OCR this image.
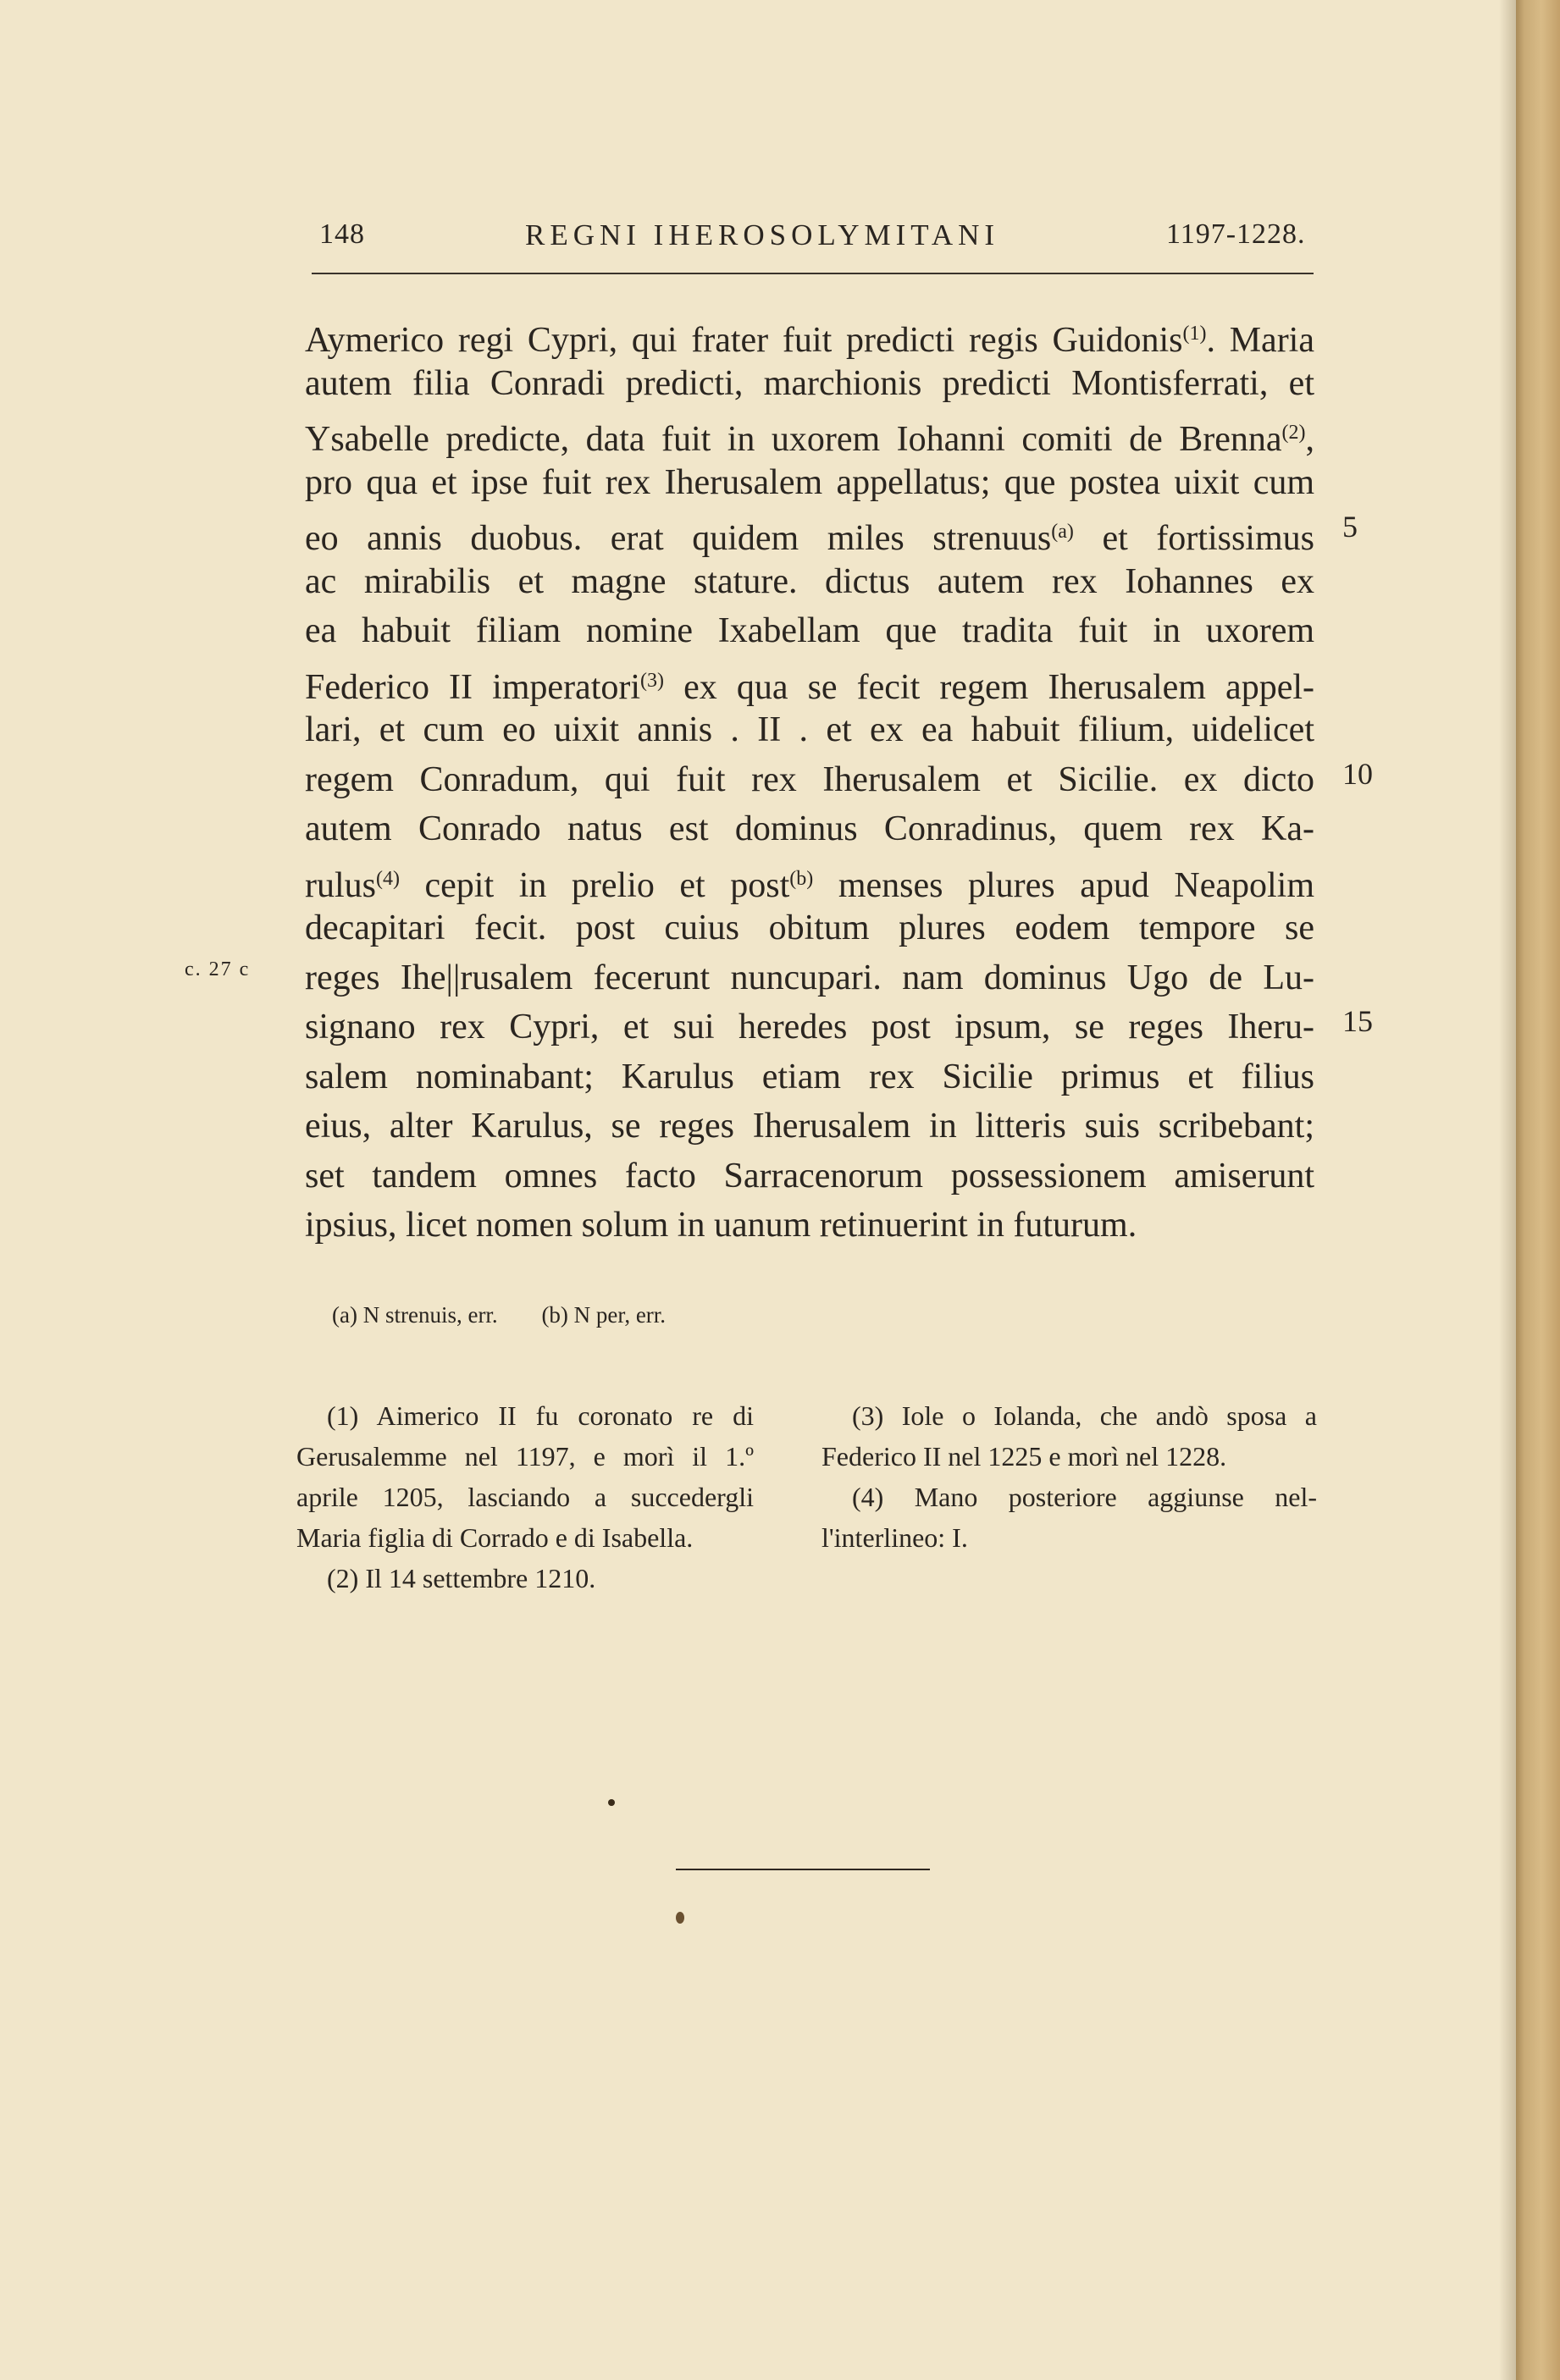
148	REGNI IHEROSOLYMITANI	1197-1228.
Aymerico regi Cypri, qui frater fuit predicti regis Guidonis$^{(1)}$. Maria
autem filia Conradi predicti, marchionis predicti Montisferrati, et
Ysabelle predicte, data fuit in uxorem Iohanni comiti de Brenna$^{(2)}$,
pro qua et ipse fuit rex Iherusalem appellatus; que postea uixit cum
eo annis duobus. erat quidem miles strenuus$^{(a)}$ et fortissimus
ac mirabilis et magne stature. dictus autem rex Iohannes ex
ea habuit filiam nomine Ixabellam que tradita fuit in uxorem
Federico II imperatori$^{(3)}$ ex qua se fecit regem Iherusalem appel-
lari, et cum eo uixit annis . II . et ex ea habuit filium, uidelicet
regem Conradum, qui fuit rex Iherusalem et Sicilie. ex dicto
autem Conrado natus est dominus Conradinus, quem rex Ka-
rulus$^{(4)}$ cepit in prelio et post$^{(b)}$ menses plures apud Neapolim
decapitari fecit. post cuius obitum plures eodem tempore se
reges Ihe||rusalem fecerunt nuncupari. nam dominus Ugo de Lu-
signano rex Cypri, et sui heredes post ipsum, se reges Iheru-
salem nominabant; Karulus etiam rex Sicilie primus et filius
eius, alter Karulus, se reges Iherusalem in litteris suis scribebant;
set tandem omnes facto Sarracenorum possessionem amiserunt
ipsius, licet nomen solum in uanum retinuerint in futurum.
5
10
15
c. 27 c
(a) N strenuis, err. (b) N per, err.
(1) Aimerico II fu coronato re di Gerusalemme nel 1197, e morì il 1.º aprile 1205, lasciando a succedergli Maria figlia di Corrado e di Isabella.
(2) Il 14 settembre 1210.
(3) Iole o Iolanda, che andò sposa a Federico II nel 1225 e morì nel 1228.
(4) Mano posteriore aggiunse nel-l'interlineo: I.
